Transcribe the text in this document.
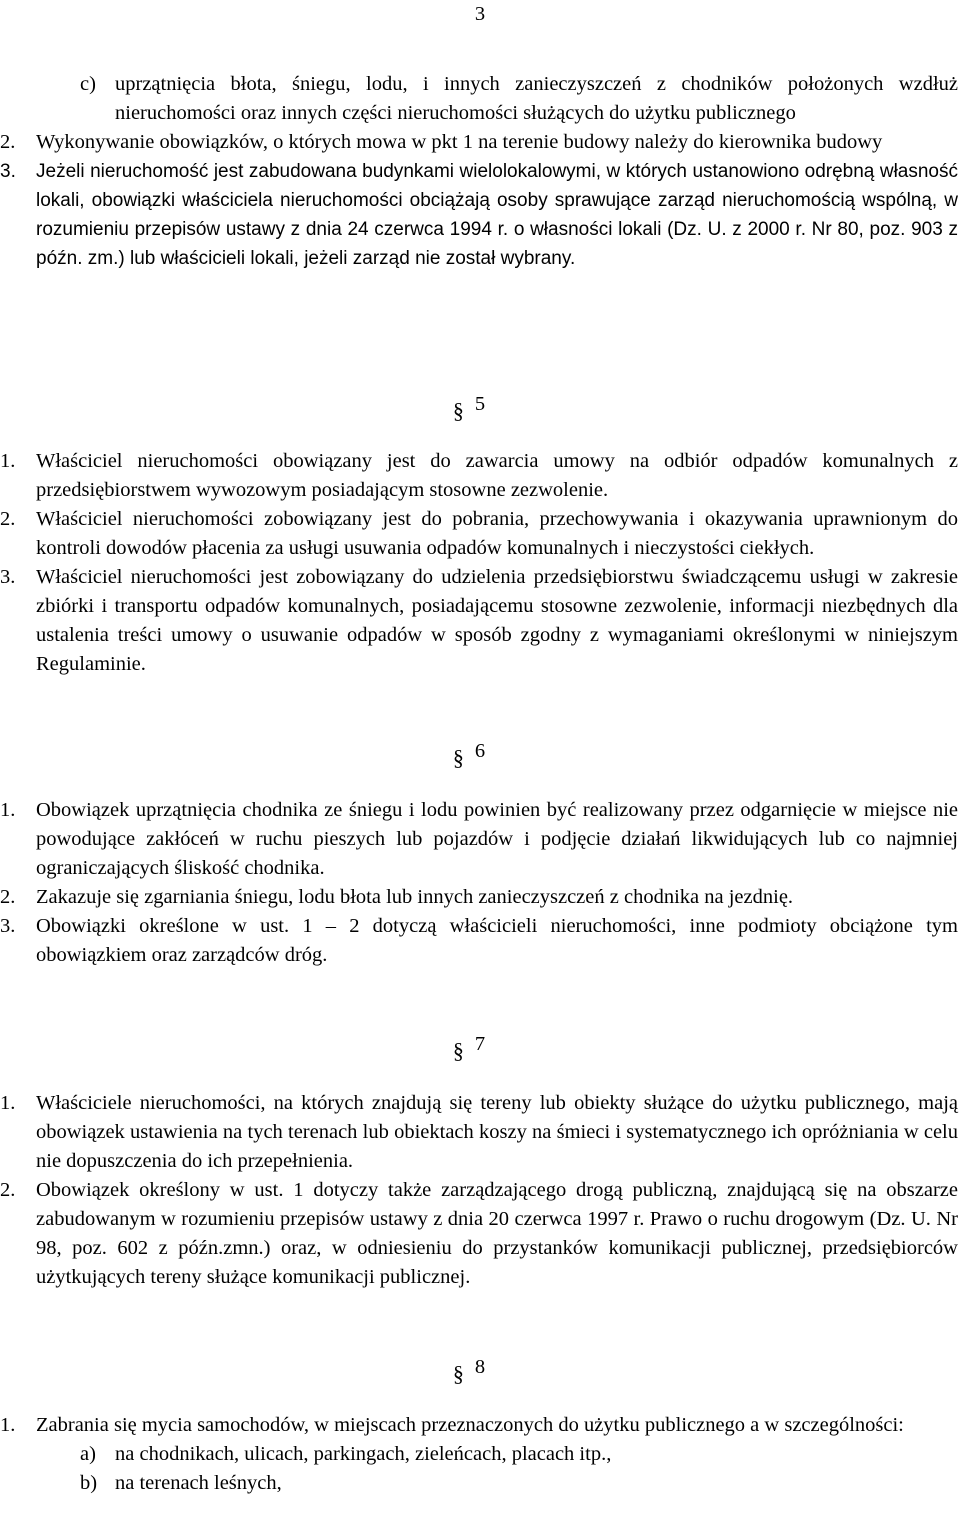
3
c) uprzątnięcia błota, śniegu, lodu, i innych zanieczyszczeń z chodników położonych wzdłuż nieruchomości oraz innych części nieruchomości służących do użytku publicznego
2. Wykonywanie obowiązków, o których mowa w pkt 1 na terenie budowy należy do kierownika budowy
3. Jeżeli nieruchomość jest zabudowana budynkami wielolokalowymi, w których ustanowiono odrębną własność lokali, obowiązki właściciela nieruchomości obciążają osoby sprawujące zarząd nieruchomością wspólną, w rozumieniu przepisów ustawy z dnia 24 czerwca 1994 r. o własności lokali (Dz. U. z 2000 r. Nr 80, poz. 903 z późn. zm.) lub właścicieli lokali, jeżeli zarząd nie został wybrany.
§ 5
1. Właściciel nieruchomości obowiązany jest do zawarcia umowy na odbiór odpadów komunalnych z przedsiębiorstwem wywozowym posiadającym stosowne zezwolenie.
2. Właściciel nieruchomości zobowiązany jest do pobrania, przechowywania i okazywania uprawnionym do kontroli dowodów płacenia za usługi usuwania odpadów komunalnych i nieczystości ciekłych.
3. Właściciel nieruchomości jest zobowiązany do udzielenia przedsiębiorstwu świadczącemu usługi w zakresie zbiórki i transportu odpadów komunalnych, posiadającemu stosowne zezwolenie, informacji niezbędnych dla ustalenia treści umowy o usuwanie odpadów w sposób zgodny z wymaganiami określonymi w niniejszym Regulaminie.
§ 6
1. Obowiązek uprzątnięcia chodnika ze śniegu i lodu powinien być realizowany przez odgarnięcie w miejsce nie powodujące zakłóceń w ruchu pieszych lub pojazdów i podjęcie działań likwidujących lub co najmniej ograniczających śliskość chodnika.
2. Zakazuje się zgarniania śniegu, lodu błota lub innych zanieczyszczeń z chodnika na jezdnię.
3. Obowiązki określone w ust. 1 – 2 dotyczą właścicieli nieruchomości, inne podmioty obciążone tym obowiązkiem oraz zarządców dróg.
§ 7
1. Właściciele nieruchomości, na których znajdują się tereny lub obiekty służące do użytku publicznego, mają obowiązek ustawienia na tych terenach lub obiektach koszy na śmieci i systematycznego ich opróżniania w celu nie dopuszczenia do ich przepełnienia.
2. Obowiązek określony w ust. 1 dotyczy także zarządzającego drogą publiczną, znajdującą się na obszarze zabudowanym w rozumieniu przepisów ustawy z dnia 20 czerwca 1997 r. Prawo o ruchu drogowym (Dz. U. Nr 98, poz. 602 z późn.zmn.) oraz, w odniesieniu do przystanków komunikacji publicznej, przedsiębiorców użytkujących tereny służące komunikacji publicznej.
§ 8
1. Zabrania się mycia samochodów, w miejscach przeznaczonych do użytku publicznego a w szczególności:
a) na chodnikach, ulicach, parkingach, zieleńcach, placach itp.,
b) na terenach leśnych,
